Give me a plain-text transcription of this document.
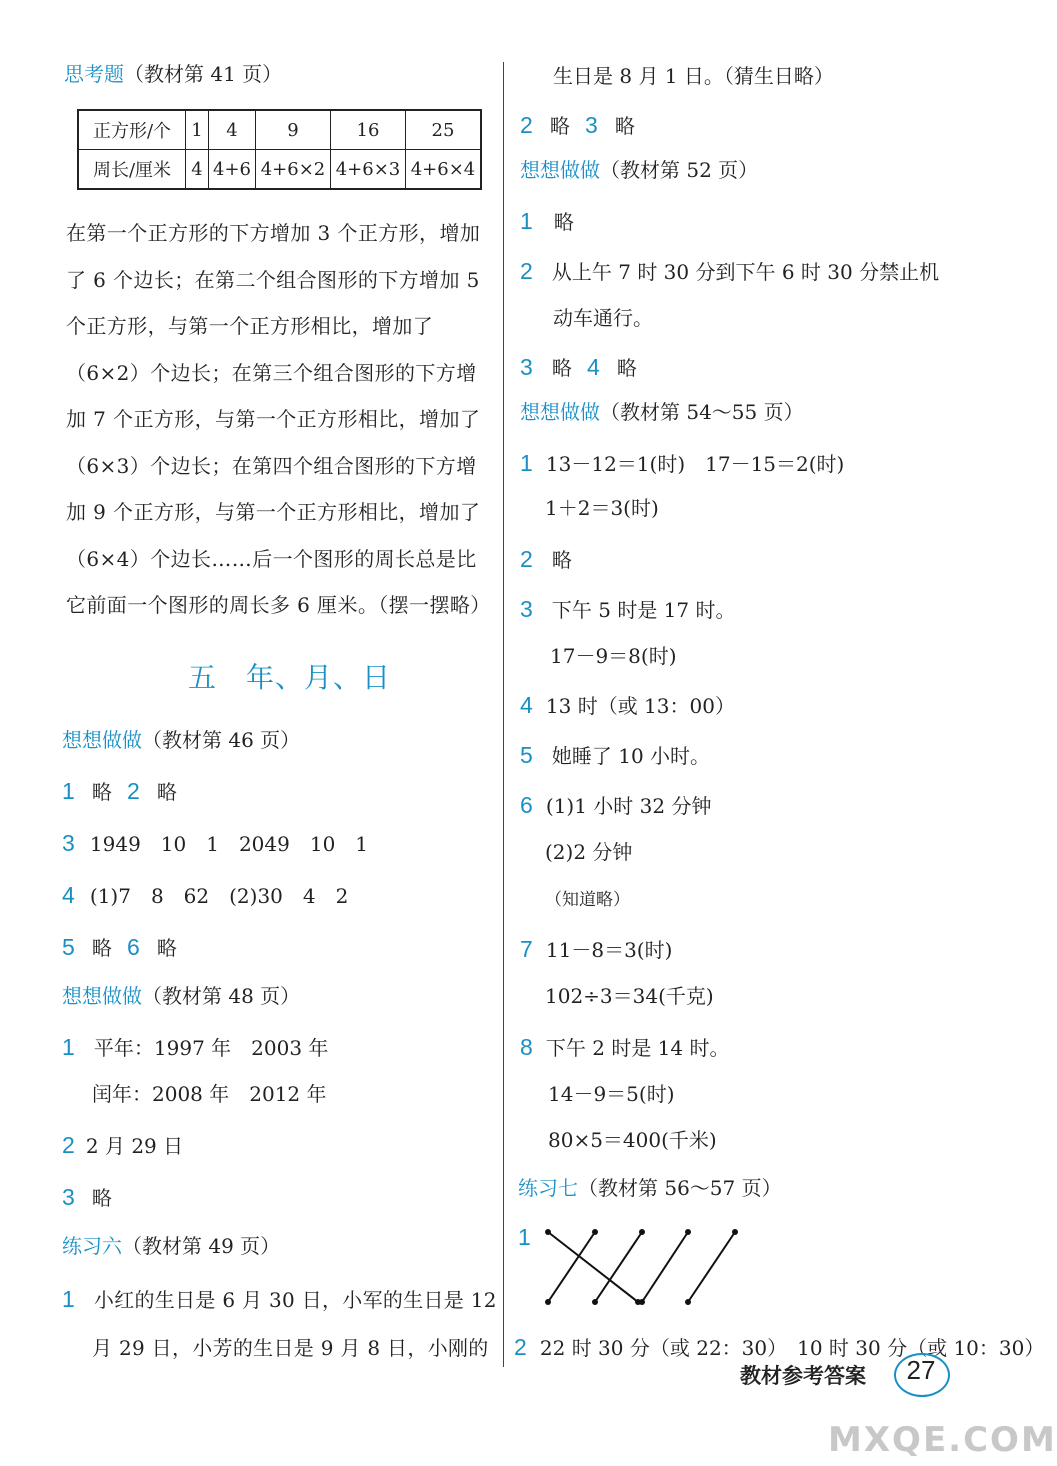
思考题（教材第 41 页）
正方形/个	1	4	9	16	25
周长/厘米	4	4+6	4+6×2	4+6×3	4+6×4
在第一个正方形的下方增加 3 个正方形，增加了 6 个边长；在第二个组合图形的下方增加 5 个正方形，与第一个正方形相比，增加了（6×2）个边长；在第三个组合图形的下方增加 7 个正方形，与第一个正方形相比，增加了（6×3）个边长；在第四个组合图形的下方增加 9 个正方形，与第一个正方形相比，增加了（6×4）个边长……后一个图形的周长总是比它前面一个图形的周长多 6 厘米。（摆一摆略）
五　年、月、日
想想做做（教材第 46 页）
1 略 2 略
3 1949　10　1　2049　10　1
4 (1)7　8　62　(2)30　4　2
5 略 6 略
想想做做（教材第 48 页）
1 平年：1997 年　2003 年
闰年：2008 年　2012 年
2 2 月 29 日
3 略
练习六（教材第 49 页）
1 小红的生日是 6 月 30 日，小军的生日是 12
月 29 日，小芳的生日是 9 月 8 日，小刚的
生日是 8 月 1 日。（猜生日略）
2 略 3 略
想想做做（教材第 52 页）
1 略
2 从上午 7 时 30 分到下午 6 时 30 分禁止机
动车通行。
3 略 4 略
想想做做（教材第 54～55 页）
1 13－12＝1(时)　17－15＝2(时)
1＋2＝3(时)
2 略
3 下午 5 时是 17 时。
17－9＝8(时)
4 13 时（或 13：00）
5 她睡了 10 小时。
6 (1)1 小时 32 分钟
(2)2 分钟
（知道略）
7 11－8＝3(时)
102÷3＝34(千克)
8 下午 2 时是 14 时。
14－9＝5(时)
80×5＝400(千米)
练习七（教材第 56～57 页）
1
2 22 时 30 分（或 22：30）　10 时 30 分（或 10：30）
教材参考答案 27
MXQE.COM
